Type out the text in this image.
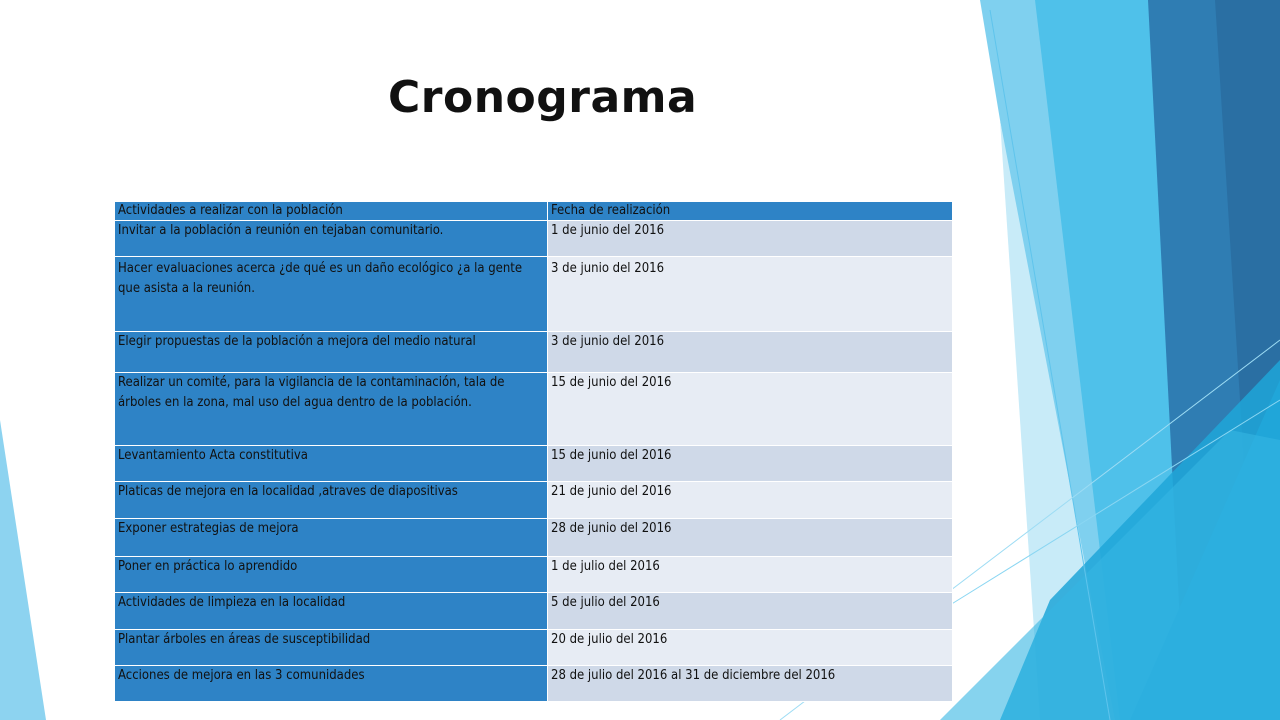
Cronograma
Actividades a realizar con la población	Fecha de realización
Invitar a la población a reunión en tejaban comunitario.	1 de junio del 2016
Hacer evaluaciones acerca ¿de qué es un daño ecológico ¿a la gente que asista a la reunión.	3 de junio del 2016
Elegir propuestas de la población a mejora del medio natural	3 de junio del 2016
Realizar un comité, para la vigilancia de la contaminación, tala de árboles en la zona, mal uso del agua dentro de la población.	15 de junio del 2016
Levantamiento Acta constitutiva	15 de junio del 2016
Platicas de mejora en la localidad ,atraves de diapositivas	21 de junio del 2016
Exponer estrategias de mejora	28 de junio del 2016
Poner en práctica lo aprendido	1 de julio del 2016
Actividades de limpieza en la localidad	5 de julio del 2016
Plantar árboles en áreas de susceptibilidad	20 de julio del 2016
Acciones de mejora en las 3 comunidades	28 de julio del 2016 al 31 de diciembre del 2016
